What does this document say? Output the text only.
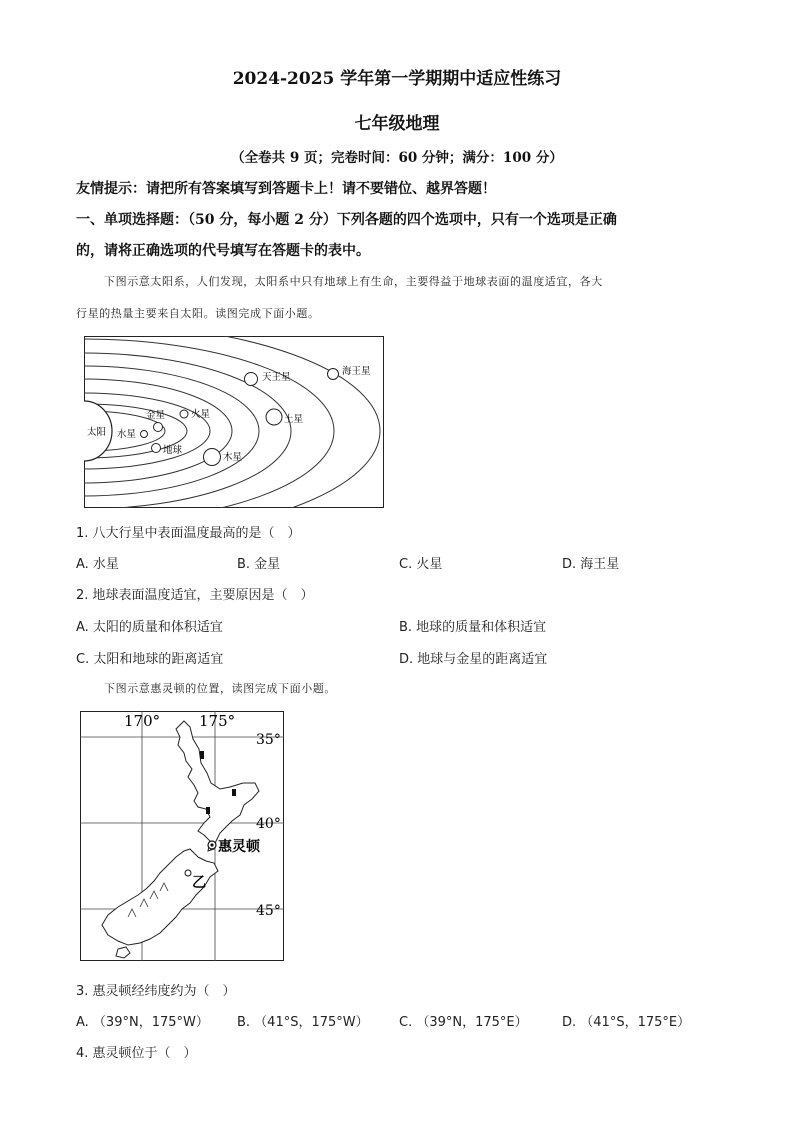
2024-2025 学年第一学期期中适应性练习
七年级地理
（全卷共 9 页；完卷时间：60 分钟；满分：100 分）
友情提示：请把所有答案填写到答题卡上！请不要错位、越界答题！
一、单项选择题：（50 分，每小题 2 分）下列各题的四个选项中，只有一个选项是正确
的，请将正确选项的代号填写在答题卡的表中。
下图示意太阳系，人们发现，太阳系中只有地球上有生命，主要得益于地球表面的温度适宜，各大
行星的热量主要来自太阳。读图完成下面小题。
太阳 水星
金星
地球
火星
木星
土星
天王星
海王星
1. 八大行星中表面温度最高的是（　）
A. 水星	B. 金星	C. 火星	D. 海王星
2. 地球表面温度适宜，主要原因是（　）
A. 太阳的质量和体积适宜	B. 地球的质量和体积适宜
C. 太阳和地球的距离适宜	D. 地球与金星的距离适宜
下图示意惠灵顿的位置，读图完成下面小题。
170°	175°
35°
40°
45°
惠灵顿
乙
3. 惠灵顿经纬度约为（　）
A. （39°N，175°W） B. （41°S，175°W） C. （39°N，175°E）	D. （41°S，175°E）
4. 惠灵顿位于（　）
